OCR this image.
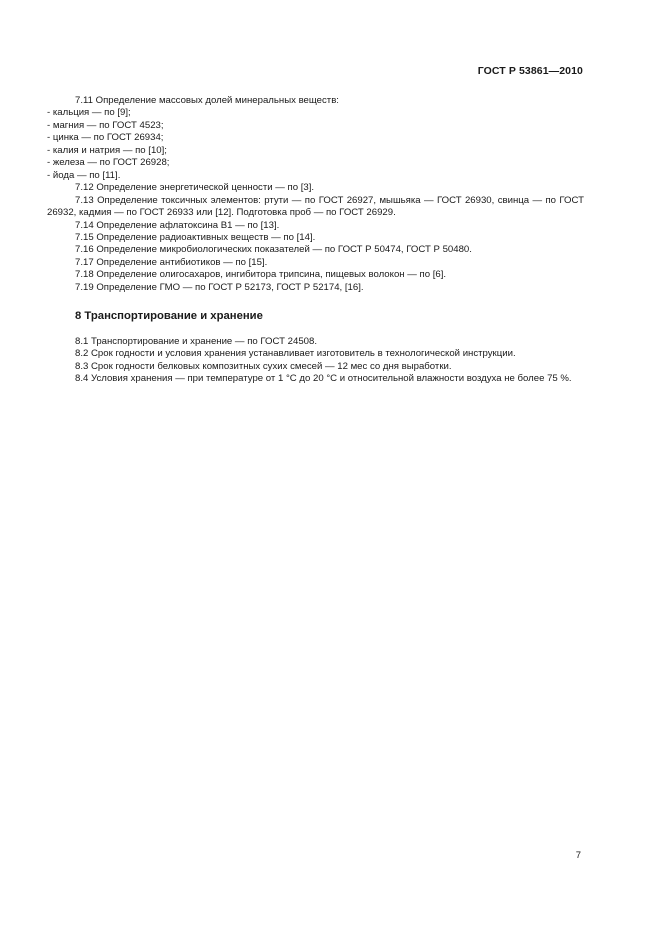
ГОСТ Р 53861—2010
7.11 Определение массовых долей минеральных веществ:
- кальция — по [9];
- магния — по ГОСТ 4523;
- цинка — по ГОСТ 26934;
- калия и натрия — по [10];
- железа — по ГОСТ 26928;
- йода — по [11].
7.12 Определение энергетической ценности — по [3].
7.13 Определение токсичных элементов: ртути — по ГОСТ 26927, мышьяка — ГОСТ 26930, свинца — по ГОСТ 26932, кадмия — по ГОСТ 26933 или [12]. Подготовка проб — по ГОСТ 26929.
7.14 Определение афлатоксина В1 — по [13].
7.15 Определение радиоактивных веществ — по [14].
7.16 Определение микробиологических показателей — по ГОСТ Р 50474, ГОСТ Р 50480.
7.17 Определение антибиотиков — по [15].
7.18 Определение олигосахаров, ингибитора трипсина, пищевых волокон — по [6].
7.19 Определение ГМО — по ГОСТ Р 52173, ГОСТ Р 52174, [16].
8 Транспортирование и хранение
8.1 Транспортирование и хранение — по ГОСТ 24508.
8.2 Срок годности и условия хранения устанавливает изготовитель в технологической инструкции.
8.3 Срок годности белковых композитных сухих смесей — 12 мес со дня выработки.
8.4 Условия хранения — при температуре от 1 °С до 20 °С и относительной влажности воздуха не более 75 %.
7
